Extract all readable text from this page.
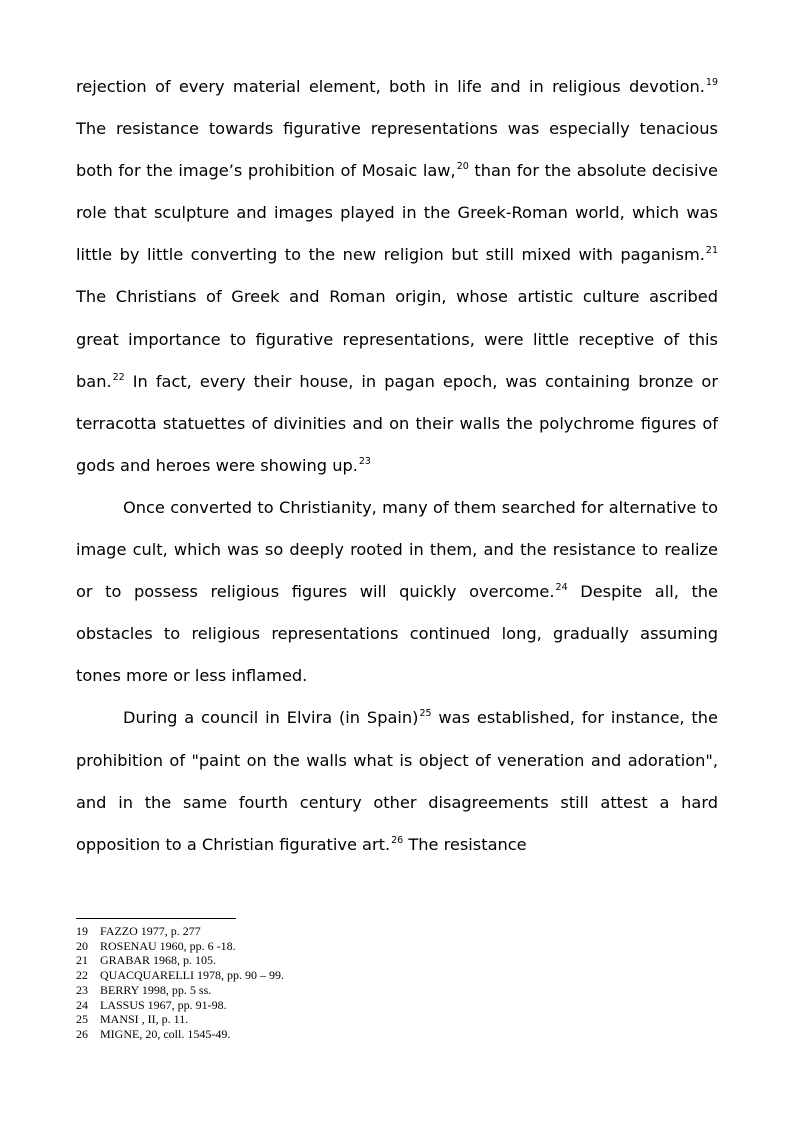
rejection of every material element, both in life and in religious devotion.$^{19}$ The resistance towards figurative representations was especially tenacious both for the image’s prohibition of Mosaic law,$^{20}$ than for the absolute decisive role that sculpture and images played in the Greek-Roman world, which was little by little converting to the new religion but still mixed with paganism.$^{21}$ The Christians of Greek and Roman origin, whose artistic culture ascribed great importance to figurative representations, were little receptive of this ban.$^{22}$ In fact, every their house, in pagan epoch, was containing bronze or terracotta statuettes of divinities and on their walls the polychrome figures of gods and heroes were showing up.$^{23}$

Once converted to Christianity, many of them searched for alternative to image cult, which was so deeply rooted in them, and the resistance to realize or to possess religious figures will quickly overcome.$^{24}$ Despite all, the obstacles to religious representations continued long, gradually assuming tones more or less inflamed.

During a council in Elvira (in Spain)$^{25}$ was established, for instance, the prohibition of "paint on the walls what is object of veneration and adoration", and in the same fourth century other disagreements still attest a hard opposition to a Christian figurative art.$^{26}$ The resistance

19	FAZZO 1977, p. 277
20	ROSENAU 1960, pp. 6 -18.
21	GRABAR 1968, p. 105.
22	QUACQUARELLI 1978, pp. 90 – 99.
23	BERRY 1998, pp. 5 ss.
24	LASSUS 1967, pp. 91-98.
25	MANSI , II, p. 11.
26	MIGNE, 20, coll. 1545-49.
